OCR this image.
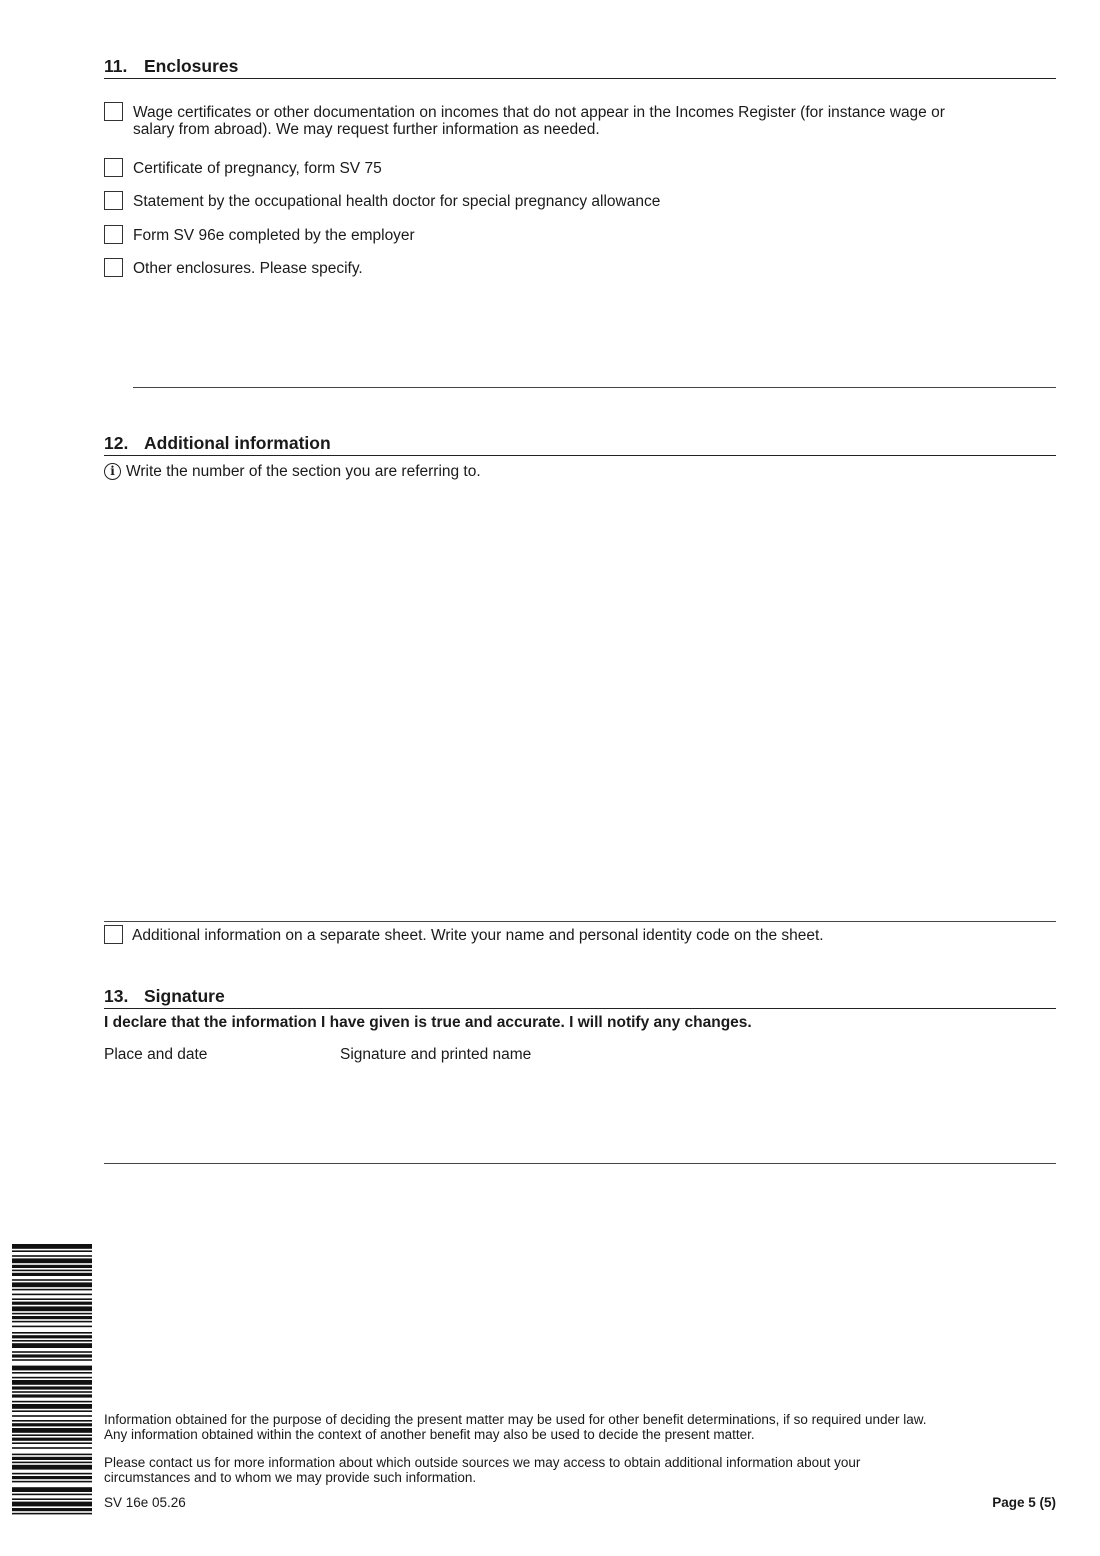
11. Enclosures
Wage certificates or other documentation on incomes that do not appear in the Incomes Register (for instance wage or
salary from abroad). We may request further information as needed.
Certificate of pregnancy, form SV 75
Statement by the occupational health doctor for special pregnancy allowance
Form SV 96e completed by the employer
Other enclosures. Please specify.
12. Additional information
i Write the number of the section you are referring to.
Additional information on a separate sheet. Write your name and personal identity code on the sheet.
13. Signature
I declare that the information I have given is true and accurate. I will notify any changes.
Place and date	Signature and printed name
Information obtained for the purpose of deciding the present matter may be used for other benefit determinations, if so required under law.
Any information obtained within the context of another benefit may also be used to decide the present matter.
Please contact us for more information about which outside sources we may access to obtain additional information about your
circumstances and to whom we may provide such information.
SV 16e 05.26	Page 5 (5)
